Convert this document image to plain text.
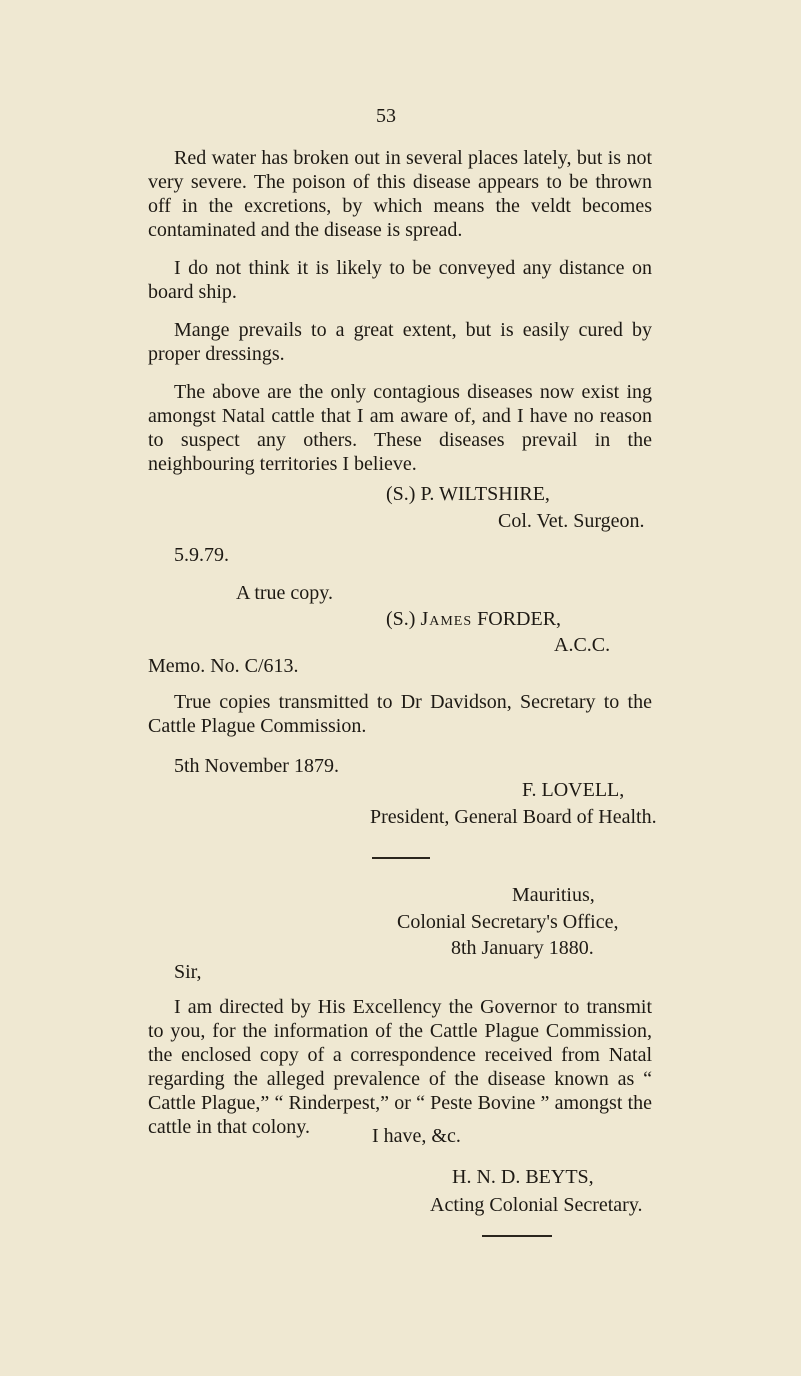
53
Red water has broken out in several places lately, but is not very severe. The poison of this disease appears to be thrown off in the excretions, by which means the veldt becomes contaminated and the disease is spread.
I do not think it is likely to be conveyed any distance on board ship.
Mange prevails to a great extent, but is easily cured by proper dressings.
The above are the only contagious diseases now exist ing amongst Natal cattle that I am aware of, and I have no reason to suspect any others. These diseases prevail in the neighbouring territories I believe.
(S.) P. WILTSHIRE,
Col. Vet. Surgeon.
5.9.79.
A true copy.
(S.) James FORDER,
A.C.C.
Memo. No. C/613.
True copies transmitted to Dr Davidson, Secretary to the Cattle Plague Commission.
5th November 1879.
F. LOVELL,
President, General Board of Health.
Mauritius,
Colonial Secretary's Office,
8th January 1880.
Sir,
I am directed by His Excellency the Governor to transmit to you, for the information of the Cattle Plague Commission, the enclosed copy of a correspondence received from Natal regarding the alleged prevalence of the disease known as “ Cattle Plague,” “ Rinderpest,” or “ Peste Bovine ” amongst the cattle in that colony.	I have, &c.
H. N. D. BEYTS,
Acting Colonial Secretary.
